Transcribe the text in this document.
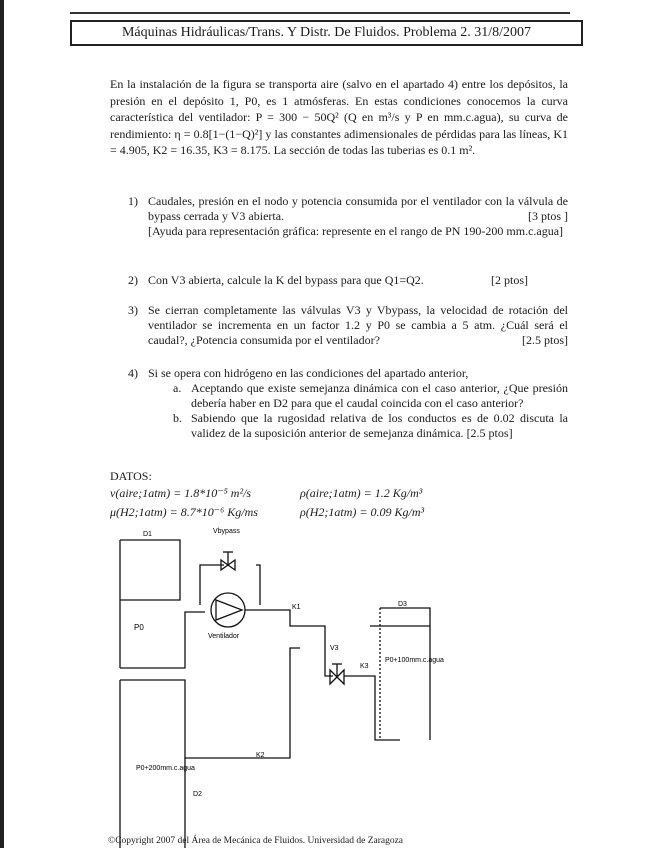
Máquinas Hidráulicas/Trans. Y Distr. De Fluidos. Problema 2. 31/8/2007
En la instalación de la figura se transporta aire (salvo en el apartado 4) entre los depósitos, la presión en el depósito 1, P0, es 1 atmósferas. En estas condiciones conocemos la curva característica del ventilador: P = 300 − 50Q² (Q en m³/s y P en mm.c.agua), su curva de rendimiento: η = 0.8[1−(1−Q)²] y las constantes adimensionales de pérdidas para las líneas, K1 = 4.905, K2 = 16.35, K3 = 8.175. La sección de todas las tuberias es 0.1 m².
1) Caudales, presión en el nodo y potencia consumida por el ventilador con la válvula de bypass cerrada y V3 abierta.	[3 ptos ]
[Ayuda para representación gráfica: represente en el rango de PN 190-200 mm.c.agua]
2) Con V3 abierta, calcule la K del bypass para que Q1=Q2.	[2 ptos]
3) Se cierran completamente las válvulas V3 y Vbypass, la velocidad de rotación del ventilador se incrementa en un factor 1.2 y P0 se cambia a 5 atm. ¿Cuál será el caudal?, ¿Potencia consumida por el ventilador?	[2.5 ptos]
4) Si se opera con hidrógeno en las condiciones del apartado anterior,
a. Aceptando que existe semejanza dinámica con el caso anterior, ¿Que presión debería haber en D2 para que el caudal coincida con el caso anterior?
b. Sabiendo que la rugosidad relativa de los conductos es de 0.02 discuta la validez de la suposición anterior de semejanza dinámica. [2.5 ptos]
DATOS:
ν(aire;1atm) = 1.8*10⁻⁵ m²/s	ρ(aire;1atm) = 1.2 Kg/m³
μ(H2;1atm) = 8.7*10⁻⁶ Kg/ms	ρ(H2;1atm) = 0.09 Kg/m³
D1
P0
Vbypass
Ventilador
K1
V3
K3
D3
P0+100mm.c.agua
P0+200mm.c.agua
K2
D2
©Copyright 2007 del Área de Mecánica de Fluidos. Universidad de Zaragoza
